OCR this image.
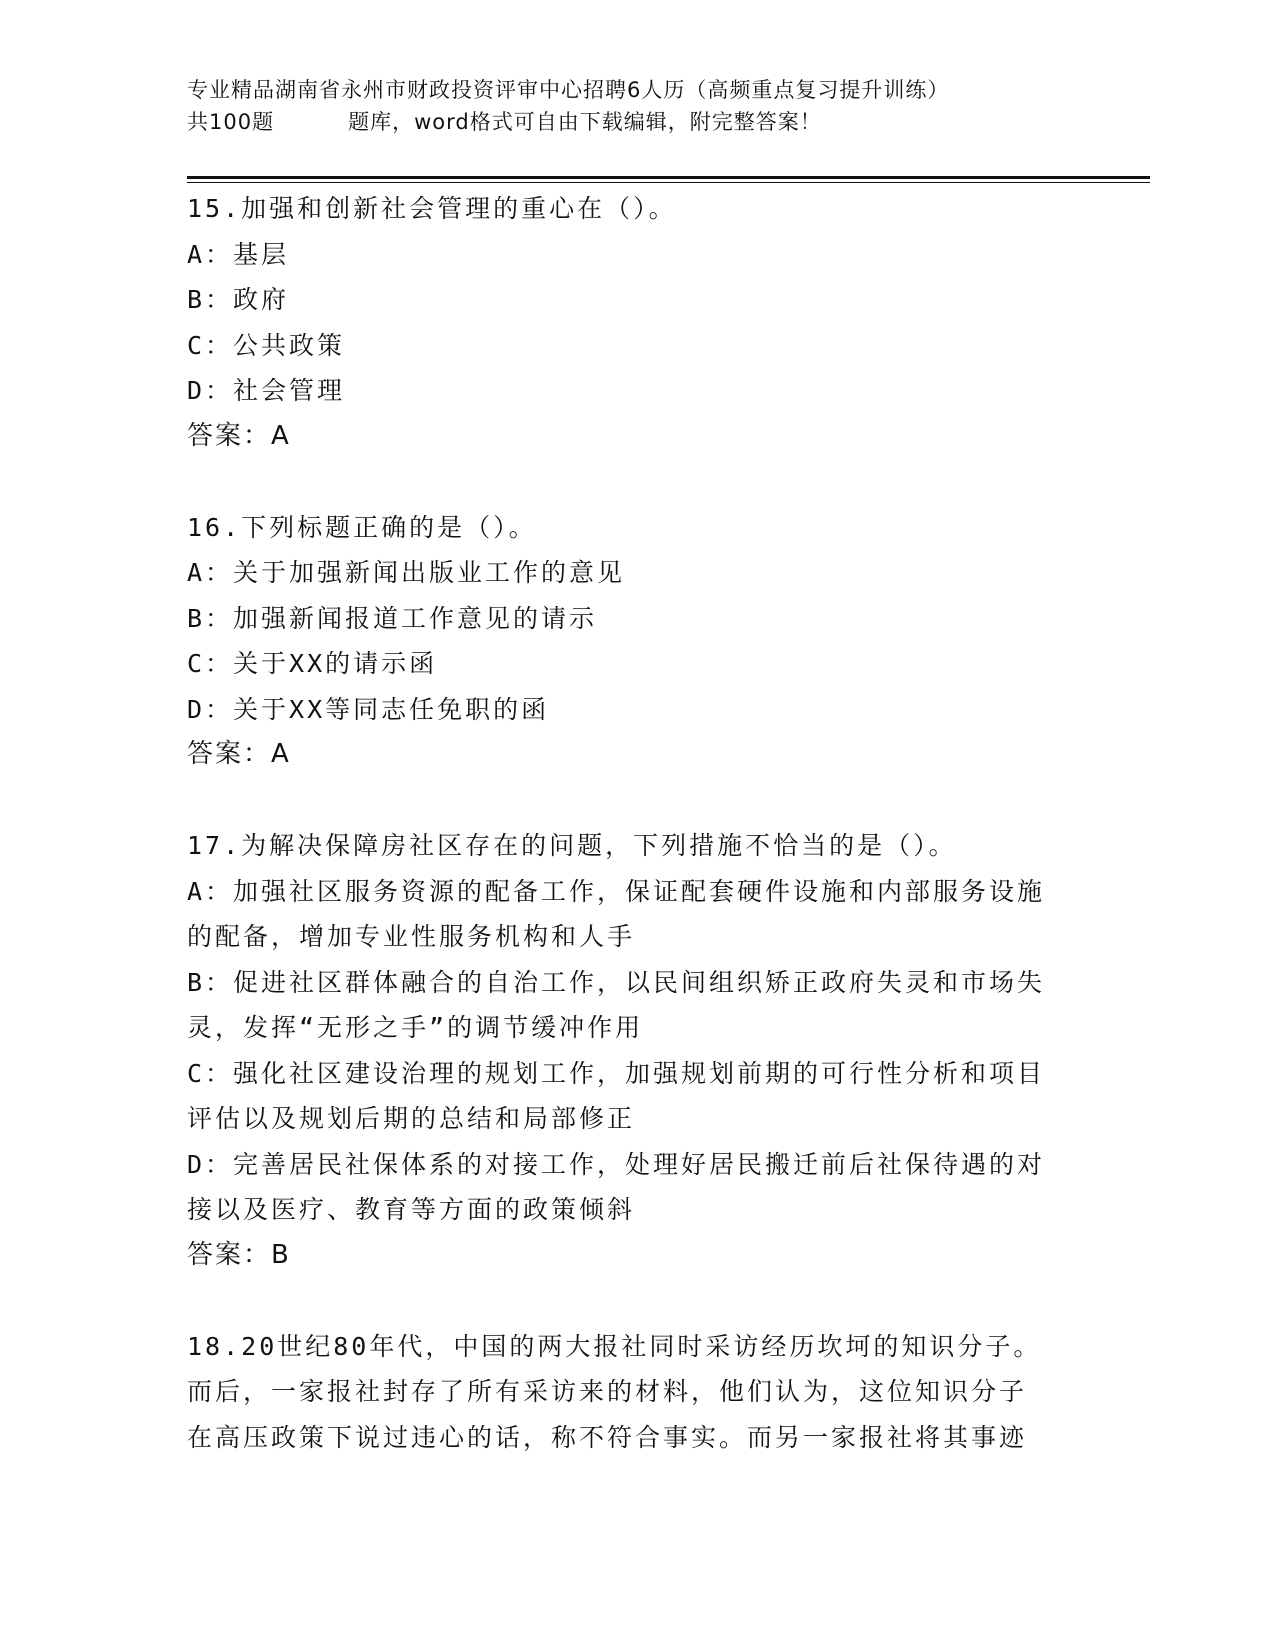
专业精品湖南省永州市财政投资评审中心招聘6人历（高频重点复习提升训练）
共100题	题库，word格式可自由下载编辑，附完整答案！
15.加强和创新社会管理的重心在（）。
A：基层
B：政府
C：公共政策
D：社会管理
答案：A
16.下列标题正确的是（）。
A：关于加强新闻出版业工作的意见
B：加强新闻报道工作意见的请示
C：关于XX的请示函
D：关于XX等同志任免职的函
答案：A
17.为解决保障房社区存在的问题，下列措施不恰当的是（）。
A：加强社区服务资源的配备工作，保证配套硬件设施和内部服务设施
的配备，增加专业性服务机构和人手
B：促进社区群体融合的自治工作，以民间组织矫正政府失灵和市场失
灵，发挥“无形之手”的调节缓冲作用
C：强化社区建设治理的规划工作，加强规划前期的可行性分析和项目
评估以及规划后期的总结和局部修正
D：完善居民社保体系的对接工作，处理好居民搬迁前后社保待遇的对
接以及医疗、教育等方面的政策倾斜
答案：B
18.20世纪80年代，中国的两大报社同时采访经历坎坷的知识分子。
而后，一家报社封存了所有采访来的材料，他们认为，这位知识分子
在高压政策下说过违心的话，称不符合事实。而另一家报社将其事迹
